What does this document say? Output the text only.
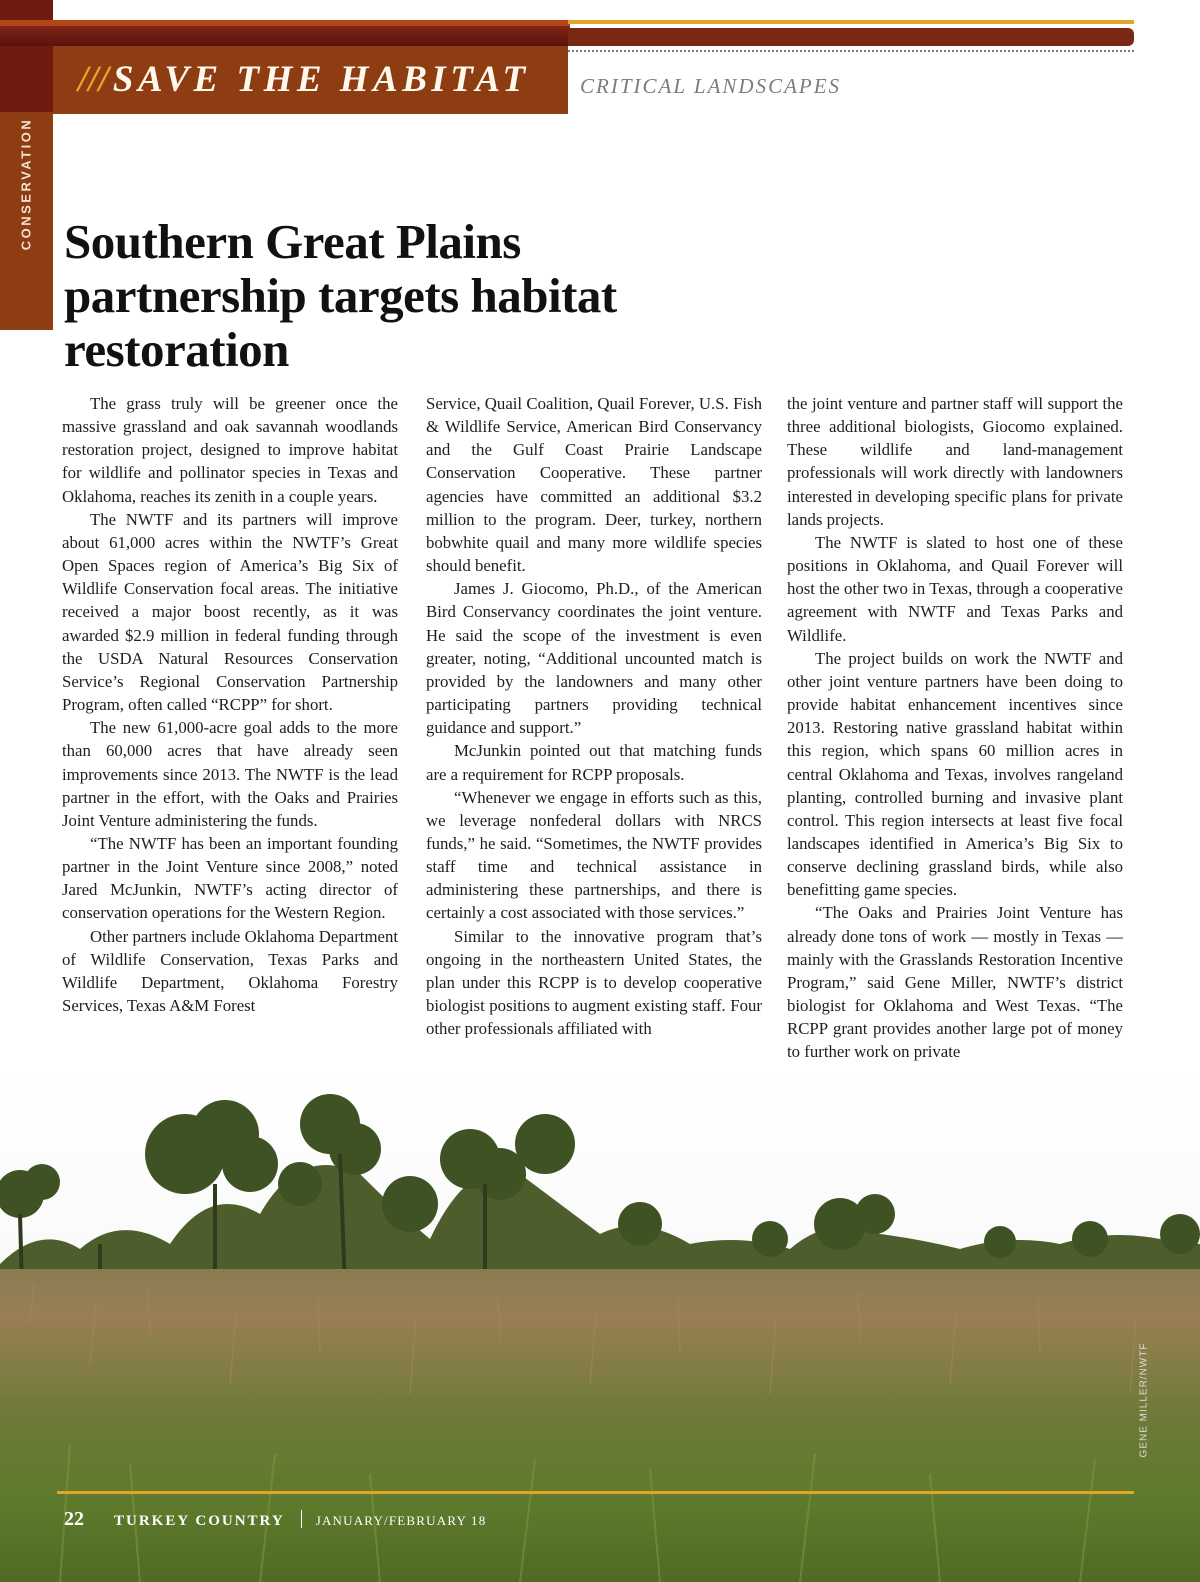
CONSERVATION
/// SAVE THE HABITAT CRITICAL LANDSCAPES
Southern Great Plains partnership targets habitat restoration

The grass truly will be greener once the massive grassland and oak savannah woodlands restoration project, designed to improve habitat for wildlife and pollinator species in Texas and Oklahoma, reaches its zenith in a couple years.

The NWTF and its partners will improve about 61,000 acres within the NWTF’s Great Open Spaces region of America’s Big Six of Wildlife Conservation focal areas. The initiative received a major boost recently, as it was awarded $2.9 million in federal funding through the USDA Natural Resources Conservation Service’s Regional Conservation Partnership Program, often called “RCPP” for short.

The new 61,000-acre goal adds to the more than 60,000 acres that have already seen improvements since 2013. The NWTF is the lead partner in the effort, with the Oaks and Prairies Joint Venture administering the funds.

“The NWTF has been an important founding partner in the Joint Venture since 2008,” noted Jared McJunkin, NWTF’s acting director of conservation operations for the Western Region.

Other partners include Oklahoma Department of Wildlife Conservation, Texas Parks and Wildlife Department, Oklahoma Forestry Services, Texas A&M Forest

Service, Quail Coalition, Quail Forever, U.S. Fish & Wildlife Service, American Bird Conservancy and the Gulf Coast Prairie Landscape Conservation Cooperative. These partner agencies have committed an additional $3.2 million to the program. Deer, turkey, northern bobwhite quail and many more wildlife species should benefit.

James J. Giocomo, Ph.D., of the American Bird Conservancy coordinates the joint venture. He said the scope of the investment is even greater, noting, “Additional uncounted match is provided by the landowners and many other participating partners providing technical guidance and support.”

McJunkin pointed out that matching funds are a requirement for RCPP proposals.

“Whenever we engage in efforts such as this, we leverage nonfederal dollars with NRCS funds,” he said. “Sometimes, the NWTF provides staff time and technical assistance in administering these partnerships, and there is certainly a cost associated with those services.”

Similar to the innovative program that’s ongoing in the northeastern United States, the plan under this RCPP is to develop cooperative biologist positions to augment existing staff. Four other professionals affiliated with

the joint venture and partner staff will support the three additional biologists, Giocomo explained. These wildlife and land-management professionals will work directly with landowners interested in developing specific plans for private lands projects.

The NWTF is slated to host one of these positions in Oklahoma, and Quail Forever will host the other two in Texas, through a cooperative agreement with NWTF and Texas Parks and Wildlife.

The project builds on work the NWTF and other joint venture partners have been doing to provide habitat enhancement incentives since 2013. Restoring native grassland habitat within this region, which spans 60 million acres in central Oklahoma and Texas, involves rangeland planting, controlled burning and invasive plant control. This region intersects at least five focal landscapes identified in America’s Big Six to conserve declining grassland birds, while also benefitting game species.

“The Oaks and Prairies Joint Venture has already done tons of work — mostly in Texas — mainly with the Grasslands Restoration Incentive Program,” said Gene Miller, NWTF’s district biologist for Oklahoma and West Texas. “The RCPP grant provides another large pot of money to further work on private

GENE MILLER/NWTF
22 TURKEY COUNTRY JANUARY/FEBRUARY 18
